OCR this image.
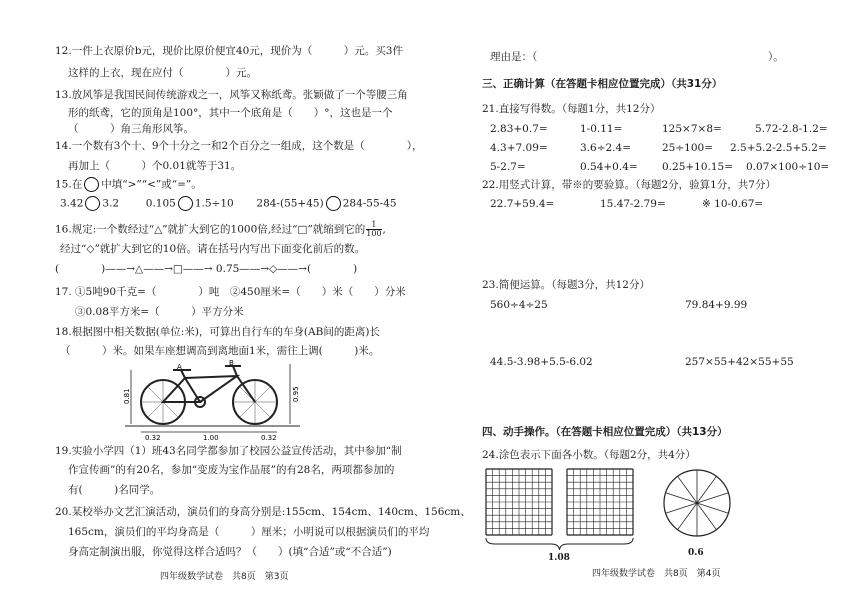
12.一件上衣原价b元，现价比原价便宜40元，现价为（　　　）元。买3件
这样的上衣，现在应付（　　　　）元。
13.放风筝是我国民间传统游戏之一，风筝又称纸鸢。张颖做了一个等腰三角
形的纸鸢，它的顶角是100°，其中一个底角是（　　）°，这也是一个
（　　　）角三角形风筝。
14.一个数有3个十、9个十分之一和2个百分之一组成，这个数是（　　　　），
再加上（　　　）个0.01就等于31。
15.在 中填“>”“<”或“=”。
3.42 3.2	0.105 1.5÷10 284-(55+45) 284-55-45
16.规定:一个数经过“△”就扩大到它的1000倍,经过“□”就缩到它的 $\frac{1}{100}$ ,
经过“◇”就扩大到它的10倍。请在括号内写出下面变化前后的数。
(　　　　)——→△——→□——→ 0.75——→◇——→(　　　　)
17. ①5吨90千克=（　　　　）吨　②450厘米=（　　）米（　　）分米
③0.08平方米=（　　　）平方分米
18.根据图中相关数据(单位:米)，可算出自行车的车身(AB间的距离)长
（　　　）米。如果车座想调高到离地面1米，需往上调(　　　)米。
A	B
0.81	0.95
0.32	1.00	0.32
19.实验小学四（1）班43名同学都参加了校园公益宣传活动，其中参加“制
作宣传画”的有20名，参加“变废为宝作品展”的有28名，两项都参加的
有(　　　)名同学。
20.某校举办文艺汇演活动，演员们的身高分别是:155cm、154cm、140cm、156cm、
165cm，演员们的平均身高是（　　　）厘米；小明说可以根据演员们的平均
身高定制演出服，你觉得这样合适吗？（　　）(填“合适”或“不合适”)
四年级数学试卷　共8页　第3页
理由是：（	）。
三、正确计算（在答题卡相应位置完成）（共31分）
21.直接写得数。（每题1分，共12分）
2.83+0.7=	1-0.11=	125×7×8=	5.72-2.8-1.2=
4.3+7.09=	3.6÷2.4=	25÷100= 2.5+5.2-2.5+5.2=
5-2.7=	0.54+0.4= 0.25+10.15= 0.07×100÷10=
22.用竖式计算，带※的要验算。（每题2分，验算1分，共7分）
22.7+59.4=	15.47-2.79=	※ 10-0.67=
23.简便运算。（每题3分，共12分）
560÷4÷25	79.84+9.99
44.5-3.98+5.5-6.02	257×55+42×55+55
四、动手操作。（在答题卡相应位置完成）（共13分）
24.涂色表示下面各小数。（每题2分，共4分）
1.08	0.6
四年级数学试卷　共8页　第4页
